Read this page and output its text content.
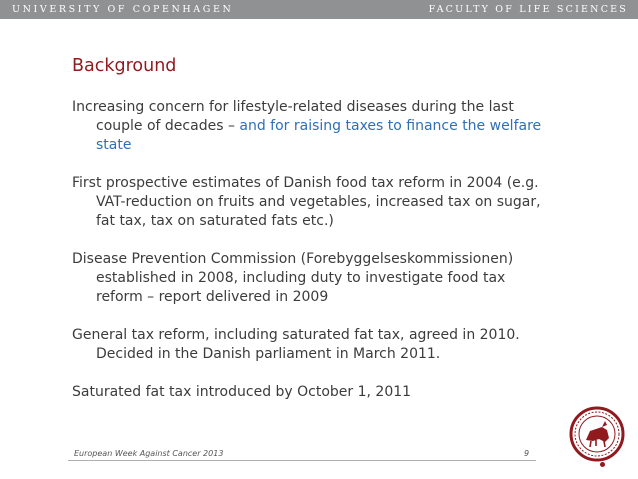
UNIVERSITY OF COPENHAGEN	FACULTY OF LIFE SCIENCES
Background

Increasing concern for lifestyle-related diseases during the last couple of decades – and for raising taxes to finance the welfare state

First prospective estimates of Danish food tax reform in 2004 (e.g. VAT-reduction on fruits and vegetables, increased tax on sugar, fat tax, tax on saturated fats etc.)

Disease Prevention Commission (Forebyggelseskommissionen) established in 2008, including duty to investigate food tax reform – report delivered in 2009

General tax reform, including saturated fat tax, agreed in 2010. Decided in the Danish parliament in March 2011.

Saturated fat tax introduced by October 1, 2011

European Week Against Cancer 2013	9
